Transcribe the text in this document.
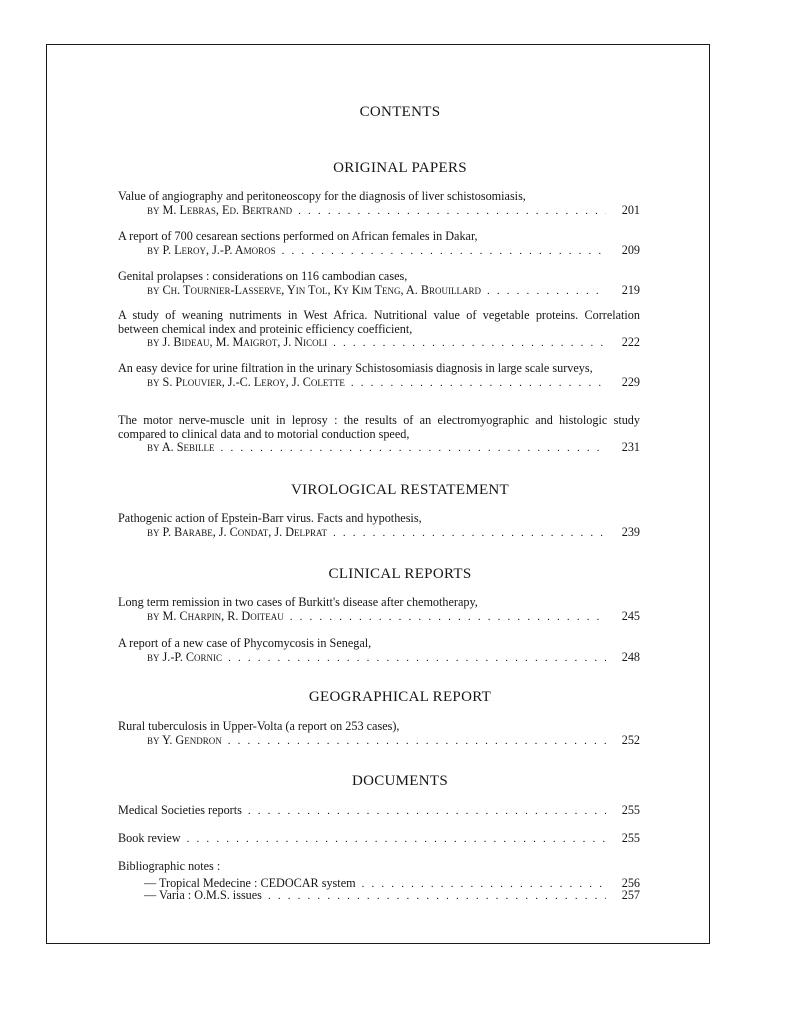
CONTENTS
ORIGINAL PAPERS
Value of angiography and peritoneoscopy for the diagnosis of liver schistosomiasis,
by M. Lebras, Ed. Bertrand . . .	201
A report of 700 cesarean sections performed on African females in Dakar,
by P. Leroy, J.-P. Amoros . . .	209
Genital prolapses : considerations on 116 cambodian cases,
by Ch. Tournier-Lasserve, Yin Tol, Ky Kim Teng, A. Brouillard . . .	219
A study of weaning nutriments in West Africa. Nutritional value of vegetable proteins. Correlation between chemical index and proteinic efficiency coefficient,
by J. Bideau, M. Maigrot, J. Nicoli . . .	222
An easy device for urine filtration in the urinary Schistosomiasis diagnosis in large scale surveys,
by S. Plouvier, J.-C. Leroy, J. Colette . . .	229
The motor nerve-muscle unit in leprosy : the results of an electromyographic and histologic study compared to clinical data and to motorial conduction speed,
by A. Sebille . . .	231
VIROLOGICAL RESTATEMENT
Pathogenic action of Epstein-Barr virus. Facts and hypothesis,
by P. Barabe, J. Condat, J. Delprat . . .	239
CLINICAL REPORTS
Long term remission in two cases of Burkitt's disease after chemotherapy,
by M. Charpin, R. Doiteau . . .	245
A report of a new case of Phycomycosis in Senegal,
by J.-P. Cornic . . .	248
GEOGRAPHICAL REPORT
Rural tuberculosis in Upper-Volta (a report on 253 cases),
by Y. Gendron . . .	252
DOCUMENTS
Medical Societies reports . . .	255
Book review . . .	255
Bibliographic notes :
— Tropical Medecine : CEDOCAR system . . .	256
— Varia : O.M.S. issues . . .	257
